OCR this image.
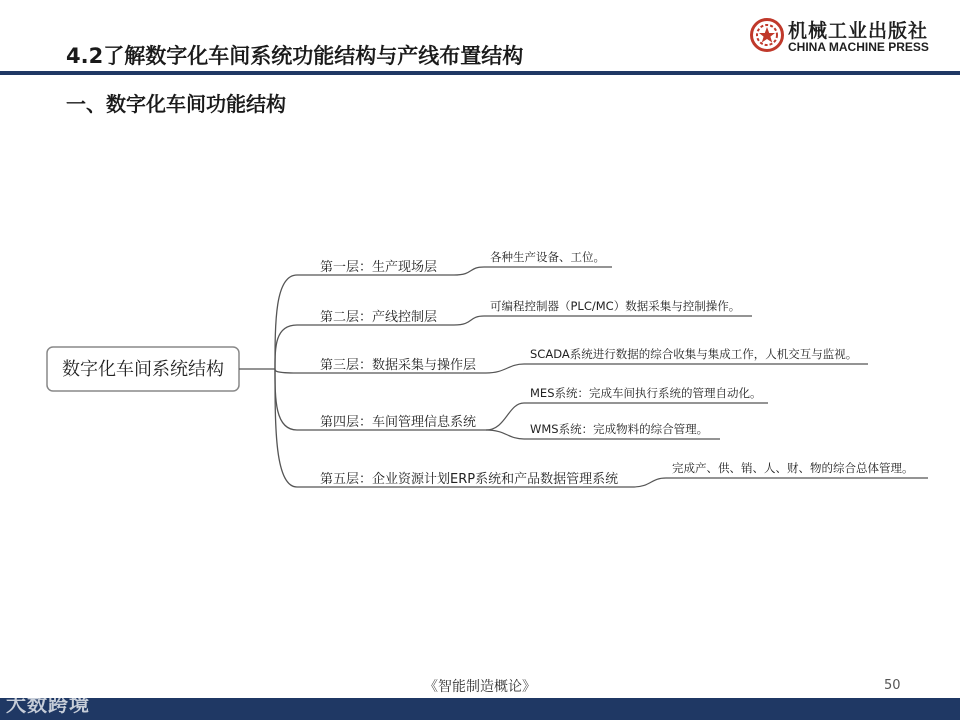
4.2了解数字化车间系统功能结构与产线布置结构
一、数字化车间功能结构
机械工业出版社
CHINA MACHINE PRESS
数字化车间系统结构
第一层：生产现场层
各种生产设备、工位。
第二层：产线控制层
可编程控制器（PLC/MC）数据采集与控制操作。
第三层：数据采集与操作层
SCADA系统进行数据的综合收集与集成工作，人机交互与监视。
第四层：车间管理信息系统
MES系统：完成车间执行系统的管理自动化。
WMS系统：完成物料的综合管理。
第五层：企业资源计划ERP系统和产品数据管理系统
完成产、供、销、人、财、物的综合总体管理。
《智能制造概论》	50
大数跨境
